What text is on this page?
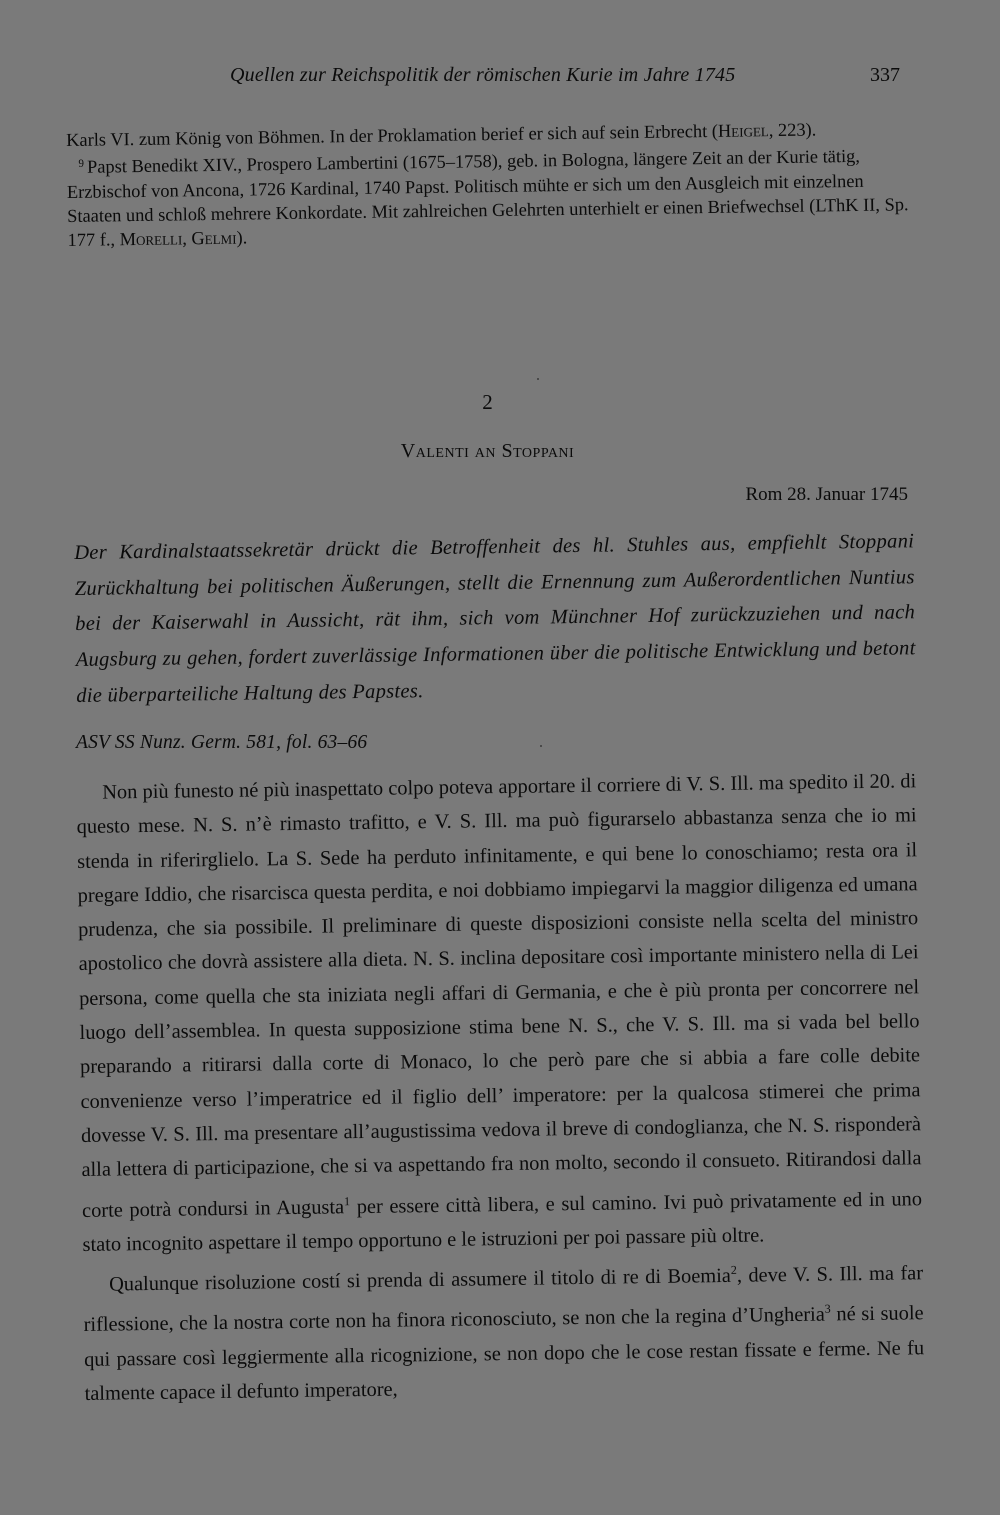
Quellen zur Reichspolitik der römischen Kurie im Jahre 1745	337

Karls VI. zum König von Böhmen. In der Proklamation berief er sich auf sein Erbrecht (Heigel, 223).

$^9$ Papst Benedikt XIV., Prospero Lambertini (1675–1758), geb. in Bologna, längere Zeit an der Kurie tätig, Erzbischof von Ancona, 1726 Kardinal, 1740 Papst. Politisch mühte er sich um den Ausgleich mit einzelnen Staaten und schloß mehrere Konkordate. Mit zahlreichen Gelehrten unterhielt er einen Briefwechsel (LThK II, Sp. 177 f., Morelli, Gelmi).

2
Valenti an Stoppani
Rom 28. Januar 1745
Der Kardinalstaatssekretär drückt die Betroffenheit des hl. Stuhles aus, empfiehlt Stoppani Zurückhaltung bei politischen Äußerungen, stellt die Ernennung zum Außerordentlichen Nuntius bei der Kaiserwahl in Aussicht, rät ihm, sich vom Münchner Hof zurückzuziehen und nach Augsburg zu gehen, fordert zuverlässige Informationen über die politische Entwicklung und betont die überparteiliche Haltung des Papstes.
ASV SS Nunz. Germ. 581, fol. 63–66

Non più funesto né più inaspettato colpo poteva apportare il corriere di V. S. Ill. ma spedito il 20. di questo mese. N. S. n’è rimasto trafitto, e V. S. Ill. ma può figurarselo abbastanza senza che io mi stenda in riferirglielo. La S. Sede ha perduto infinitamente, e qui bene lo conoschiamo; resta ora il pregare Iddio, che risarcisca questa perdita, e noi dobbiamo impiegarvi la maggior diligenza ed umana prudenza, che sia possibile. Il preliminare di queste disposizioni consiste nella scelta del ministro apostolico che dovrà assistere alla dieta. N. S. inclina depositare così importante ministero nella di Lei persona, come quella che sta iniziata negli affari di Germania, e che è più pronta per concorrere nel luogo dell’assemblea. In questa supposizione stima bene N. S., che V. S. Ill. ma si vada bel bello preparando a ritirarsi dalla corte di Monaco, lo che però pare che si abbia a fare colle debite convenienze verso l’imperatrice ed il figlio dell’ imperatore: per la qualcosa stimerei che prima dovesse V. S. Ill. ma presentare all’augustissima vedova il breve di condoglianza, che N. S. risponderà alla lettera di participazione, che si va aspettando fra non molto, secondo il consueto. Ritirandosi dalla corte potrà condursi in Augusta$^1$ per essere città libera, e sul camino. Ivi può privatamente ed in uno stato incognito aspettare il tempo opportuno e le istruzioni per poi passare più oltre.

Qualunque risoluzione costí si prenda di assumere il titolo di re di Boemia$^2$, deve V. S. Ill. ma far riflessione, che la nostra corte non ha finora riconosciuto, se non che la regina d’Ungheria$^3$ né si suole qui passare così leggiermente alla ricognizione, se non dopo che le cose restan fissate e ferme. Ne fu talmente capace il defunto imperatore,
